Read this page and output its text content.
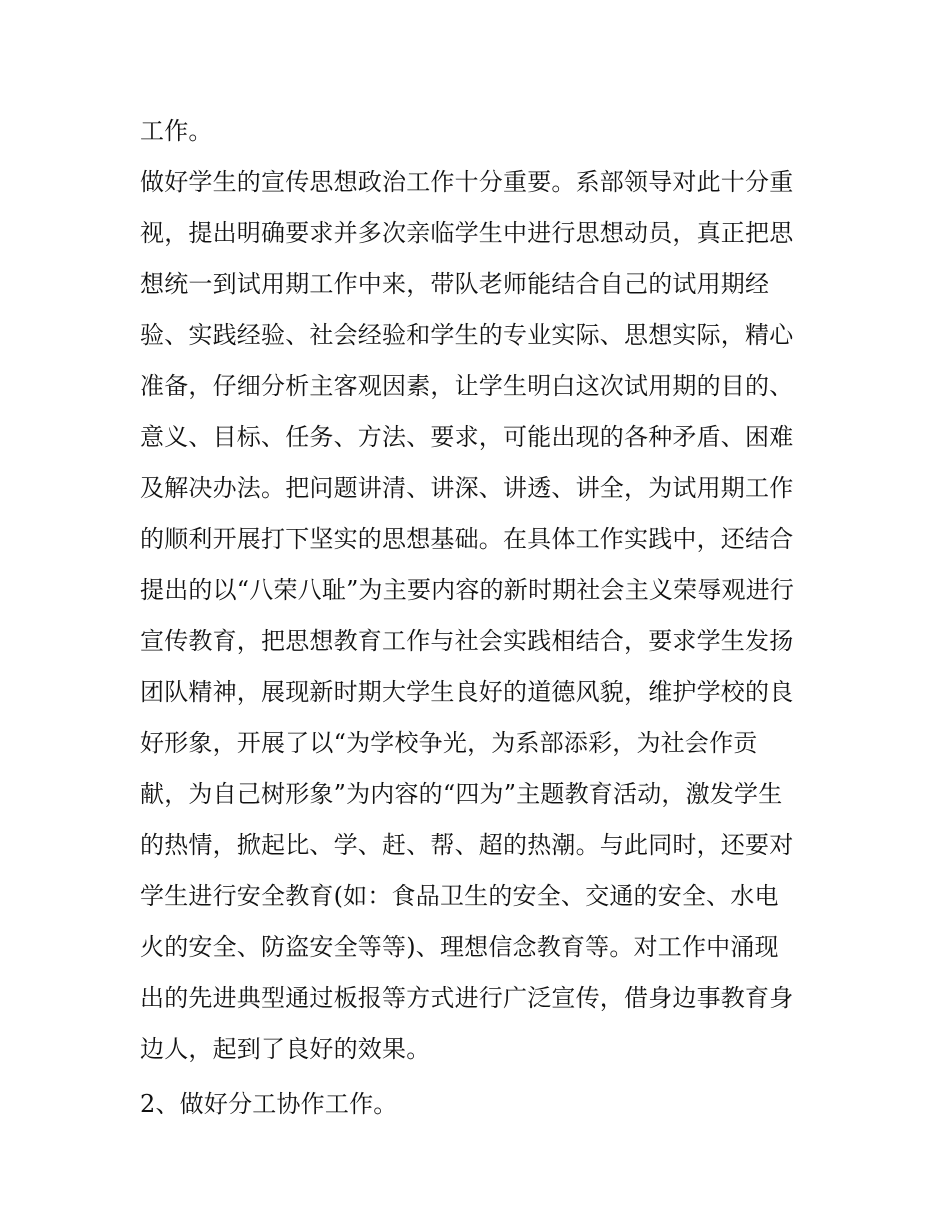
工作。
做好学生的宣传思想政治工作十分重要。系部领导对此十分重
视，提出明确要求并多次亲临学生中进行思想动员，真正把思
想统一到试用期工作中来，带队老师能结合自己的试用期经
验、实践经验、社会经验和学生的专业实际、思想实际，精心
准备，仔细分析主客观因素，让学生明白这次试用期的目的、
意义、目标、任务、方法、要求，可能出现的各种矛盾、困难
及解决办法。把问题讲清、讲深、讲透、讲全，为试用期工作
的顺利开展打下坚实的思想基础。在具体工作实践中，还结合
提出的以“八荣八耻”为主要内容的新时期社会主义荣辱观进行
宣传教育，把思想教育工作与社会实践相结合，要求学生发扬
团队精神，展现新时期大学生良好的道德风貌，维护学校的良
好形象，开展了以“为学校争光，为系部添彩，为社会作贡
献，为自己树形象”为内容的“四为”主题教育活动，激发学生
的热情，掀起比、学、赶、帮、超的热潮。与此同时，还要对
学生进行安全教育(如：食品卫生的安全、交通的安全、水电
火的安全、防盗安全等等)、理想信念教育等。对工作中涌现
出的先进典型通过板报等方式进行广泛宣传，借身边事教育身
边人，起到了良好的效果。
2、做好分工协作工作。
